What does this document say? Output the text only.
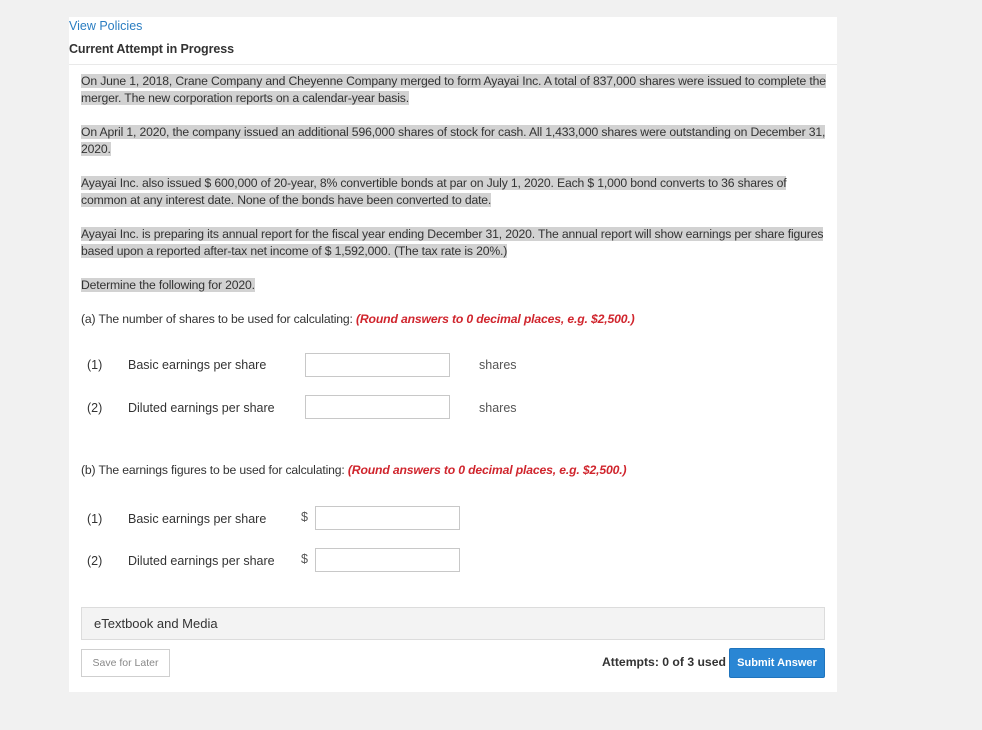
View Policies
Current Attempt in Progress
On June 1, 2018, Crane Company and Cheyenne Company merged to form Ayayai Inc. A total of 837,000 shares were issued to complete the merger. The new corporation reports on a calendar-year basis.
On April 1, 2020, the company issued an additional 596,000 shares of stock for cash. All 1,433,000 shares were outstanding on December 31, 2020.
Ayayai Inc. also issued $ 600,000 of 20-year, 8% convertible bonds at par on July 1, 2020. Each $ 1,000 bond converts to 36 shares of common at any interest date. None of the bonds have been converted to date.
Ayayai Inc. is preparing its annual report for the fiscal year ending December 31, 2020. The annual report will show earnings per share figures based upon a reported after-tax net income of $ 1,592,000. (The tax rate is 20%.)
Determine the following for 2020.
(a) The number of shares to be used for calculating: (Round answers to 0 decimal places, e.g. $2,500.)
(1) Basic earnings per share	shares
(2) Diluted earnings per share	shares
(b) The earnings figures to be used for calculating: (Round answers to 0 decimal places, e.g. $2,500.)
(1) Basic earnings per share	$
(2) Diluted earnings per share $
eTextbook and Media
Save for Later	Attempts: 0 of 3 used	Submit Answer
